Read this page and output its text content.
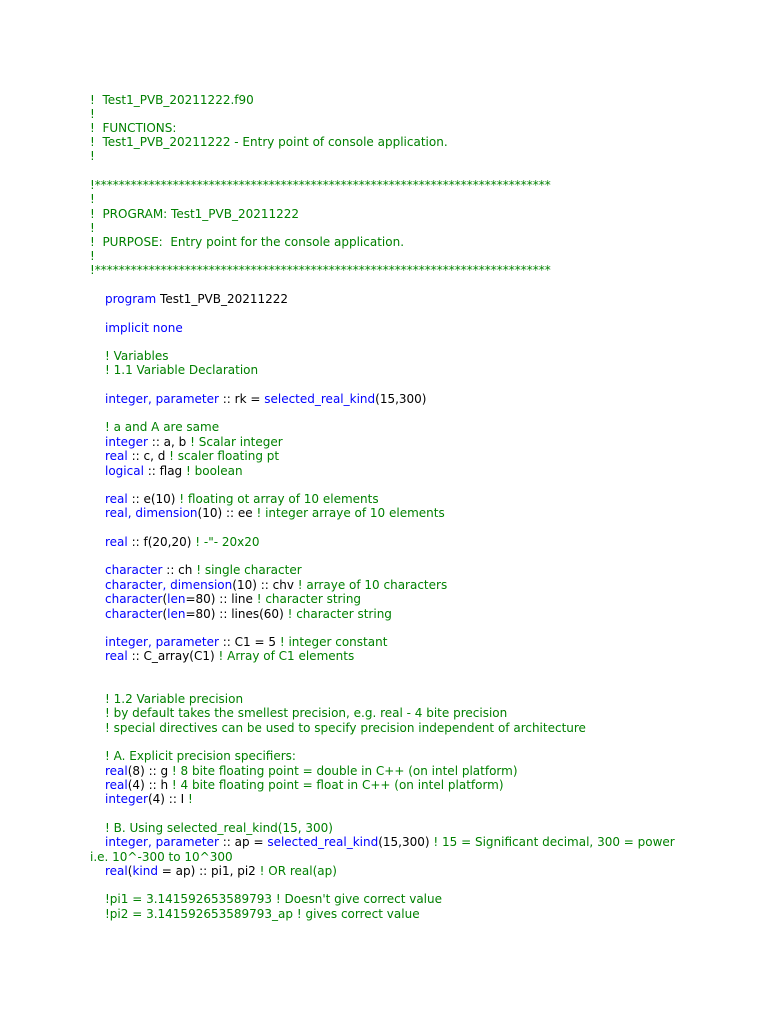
!  Test1_PVB_20211222.f90
!
!  FUNCTIONS:
!  Test1_PVB_20211222 - Entry point of console application.
!
!****************************************************************************
!
!  PROGRAM: Test1_PVB_20211222
!
!  PURPOSE:  Entry point for the console application.
!
!****************************************************************************
program Test1_PVB_20211222
implicit none
! Variables
! 1.1 Variable Declaration
integer, parameter :: rk = selected_real_kind(15,300)
! a and A are same
integer :: a, b ! Scalar integer
real :: c, d ! scaler floating pt
logical :: flag ! boolean
real :: e(10) ! floating ot array of 10 elements
real, dimension(10) :: ee ! integer arraye of 10 elements
real :: f(20,20) ! -"- 20x20
character :: ch ! single character
character, dimension(10) :: chv ! arraye of 10 characters
character(len=80) :: line ! character string
character(len=80) :: lines(60) ! character string
integer, parameter :: C1 = 5 ! integer constant
real :: C_array(C1) ! Array of C1 elements
! 1.2 Variable precision
! by default takes the smellest precision, e.g. real - 4 bite precision
! special directives can be used to specify precision independent of architecture
! A. Explicit precision specifiers:
real(8) :: g ! 8 bite floating point = double in C++ (on intel platform)
real(4) :: h ! 4 bite floating point = float in C++ (on intel platform)
integer(4) :: I !
! B. Using selected_real_kind(15, 300)
integer, parameter :: ap = selected_real_kind(15,300) ! 15 = Significant decimal, 300 = power
i.e. 10^-300 to 10^300
real(kind = ap) :: pi1, pi2 ! OR real(ap)
!pi1 = 3.141592653589793 ! Doesn't give correct value
!pi2 = 3.141592653589793_ap ! gives correct value
